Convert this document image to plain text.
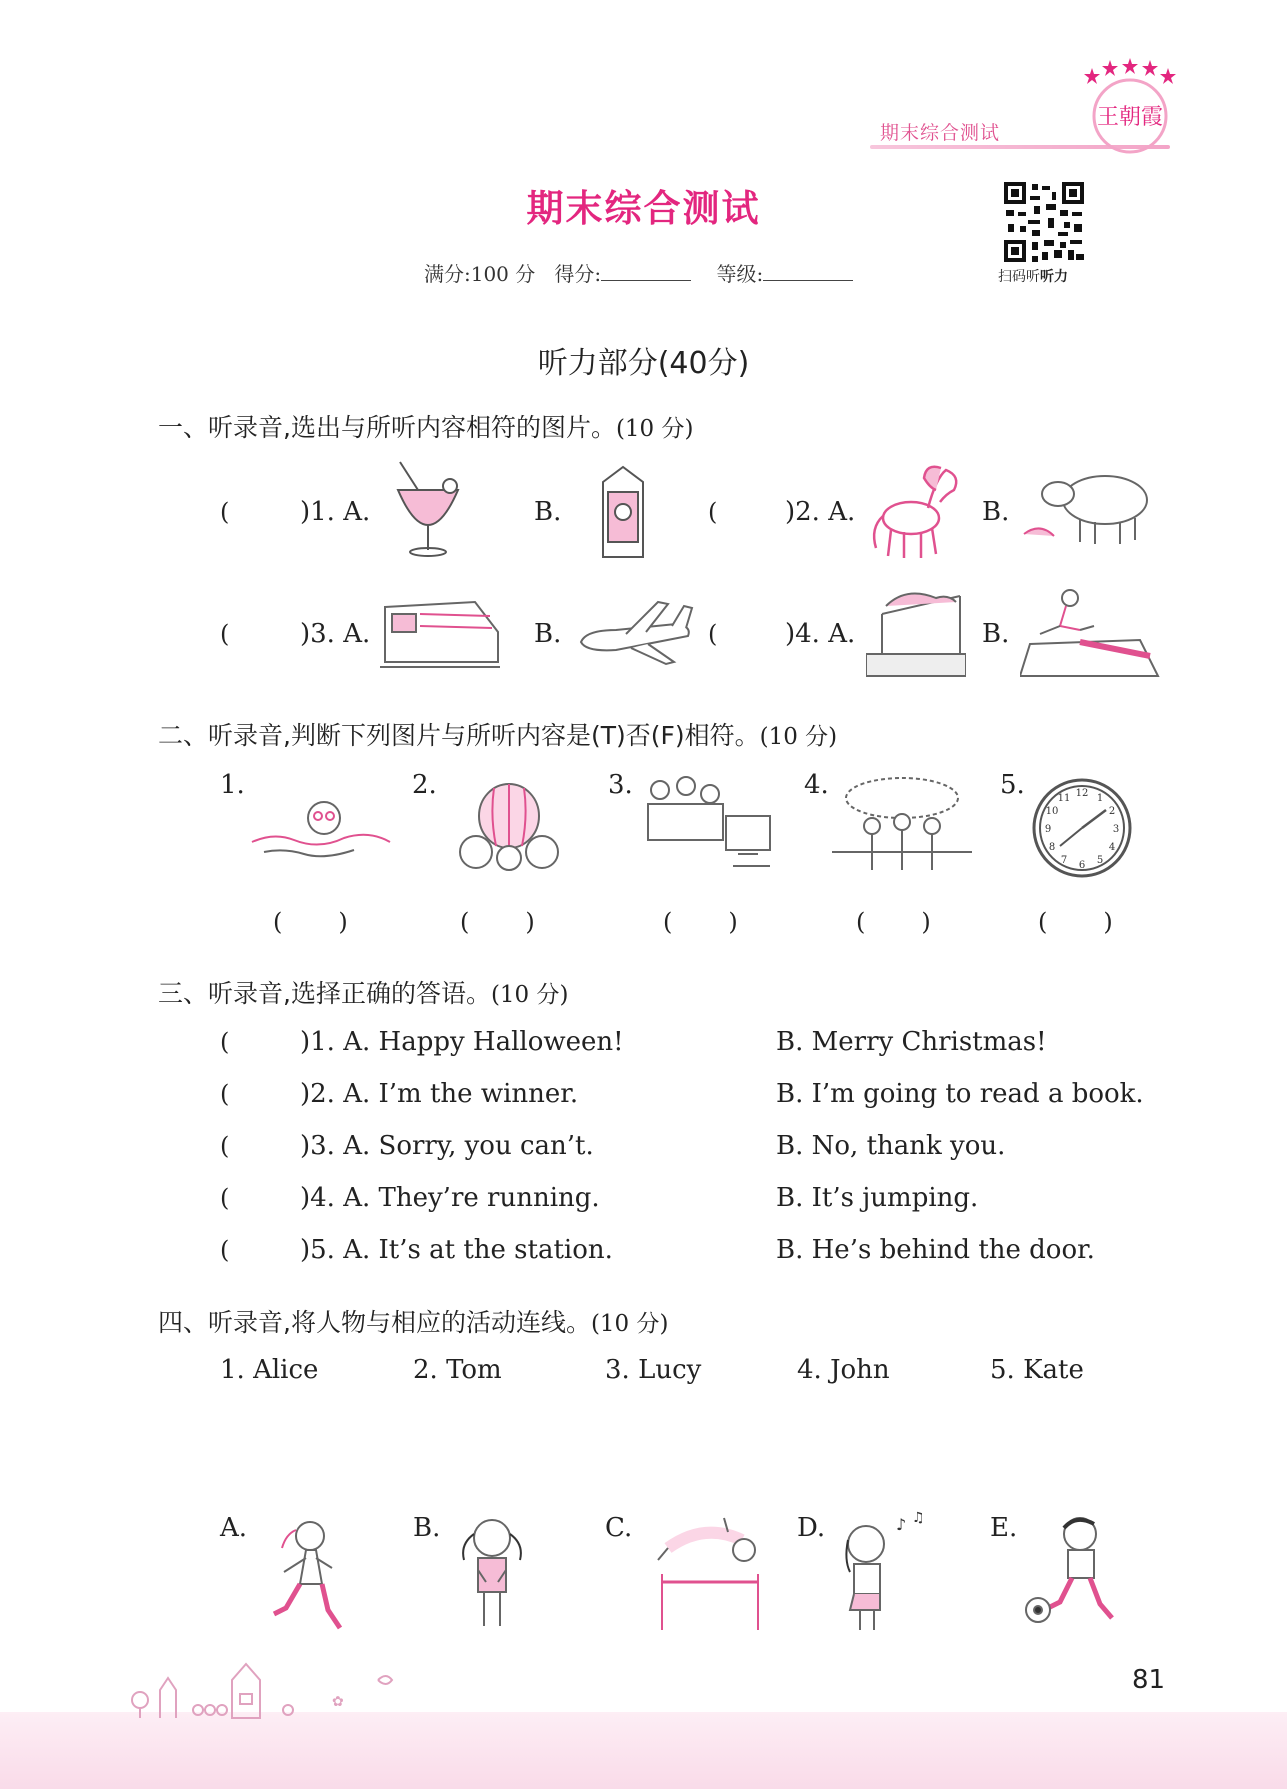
期末综合测试
王朝霞
期末综合测试
满分:100 分 得分:	等级:	扫码听听力
听力部分(40分)
一、听录音,选出与所听内容相符的图片。(10 分)
(	)1. A.	B.	(	)2. A.	B.
(	)3. A.	B.	(	)4. A.	B.
二、听录音,判断下列图片与所听内容是(T)否(F)相符。(10 分)
1.	2.	3.	4.	5.	12
3
6
9
1
2
4
5
7
8
10
11
( )	( )	( )	( )	( )
三、听录音,选择正确的答语。(10 分)
(	)1. A. Happy Halloween!	B. Merry Christmas!
(	)2. A. I’m the winner.	B. I’m going to read a book.
(	)3. A. Sorry, you can’t.	B. No, thank you.
(	)4. A. They’re running.	B. It’s jumping.
(	)5. A. It’s at the station.	B. He’s behind the door.
四、听录音,将人物与相应的活动连线。(10 分)
1. Alice	2. Tom	3. Lucy	4. John	5. Kate
A.	B.	C.	D.	♪ ♫	E.
✿
81
